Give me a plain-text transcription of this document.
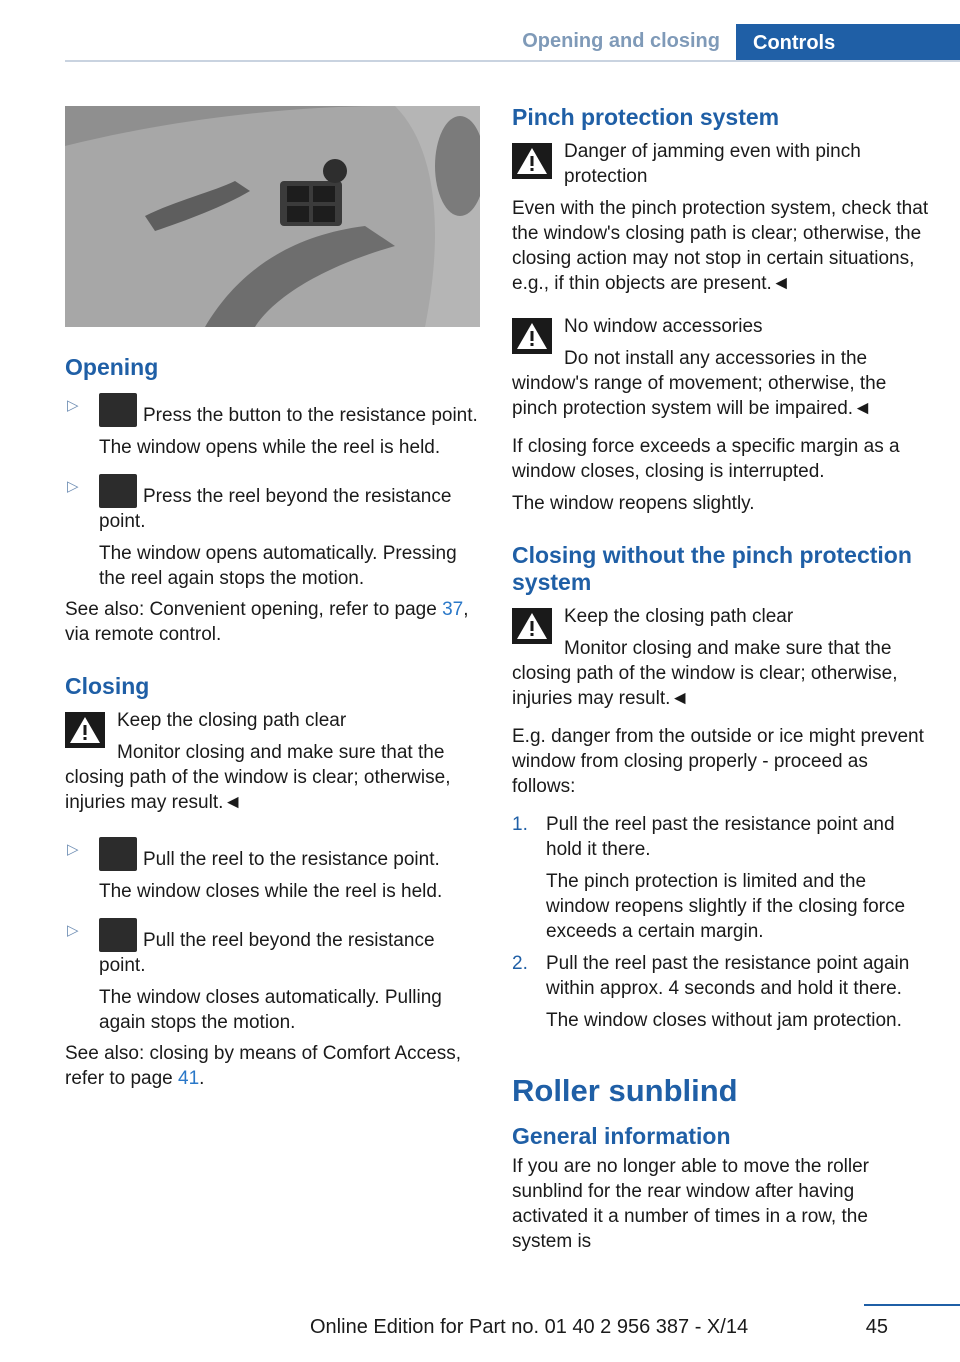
Opening and closing	Controls
Opening
▷	Press the button to the resistance point.

The window opens while the reel is held.

▷	Press the reel beyond the resistance point.

The window opens automatically. Pressing the reel again stops the motion.

See also: Convenient opening, refer to page 37, via remote control.

Closing

Keep the closing path clear

Monitor closing and make sure that the closing path of the window is clear; otherwise, injuries may result.◄

▷	Pull the reel to the resistance point.

The window closes while the reel is held.

▷	Pull the reel beyond the resistance point.

The window closes automatically. Pulling again stops the motion.

See also: closing by means of Comfort Access, refer to page 41.

Pinch protection system

Danger of jamming even with pinch protection

Even with the pinch protection system, check that the window's closing path is clear; otherwise, the closing action may not stop in certain situations, e.g., if thin objects are present.◄

No window accessories

Do not install any accessories in the window's range of movement; otherwise, the pinch protection system will be impaired.◄

If closing force exceeds a specific margin as a window closes, closing is interrupted.

The window reopens slightly.

Closing without the pinch protection system

Keep the closing path clear

Monitor closing and make sure that the closing path of the window is clear; otherwise, injuries may result.◄

E.g. danger from the outside or ice might prevent window from closing properly - proceed as follows:

1. Pull the reel past the resistance point and hold it there.

The pinch protection is limited and the window reopens slightly if the closing force exceeds a certain margin.

2. Pull the reel past the resistance point again within approx. 4 seconds and hold it there.

The window closes without jam protection.

Roller sunblind
General information

If you are no longer able to move the roller sunblind for the rear window after having activated it a number of times in a row, the system is

45
Online Edition for Part no. 01 40 2 956 387 - X/14
